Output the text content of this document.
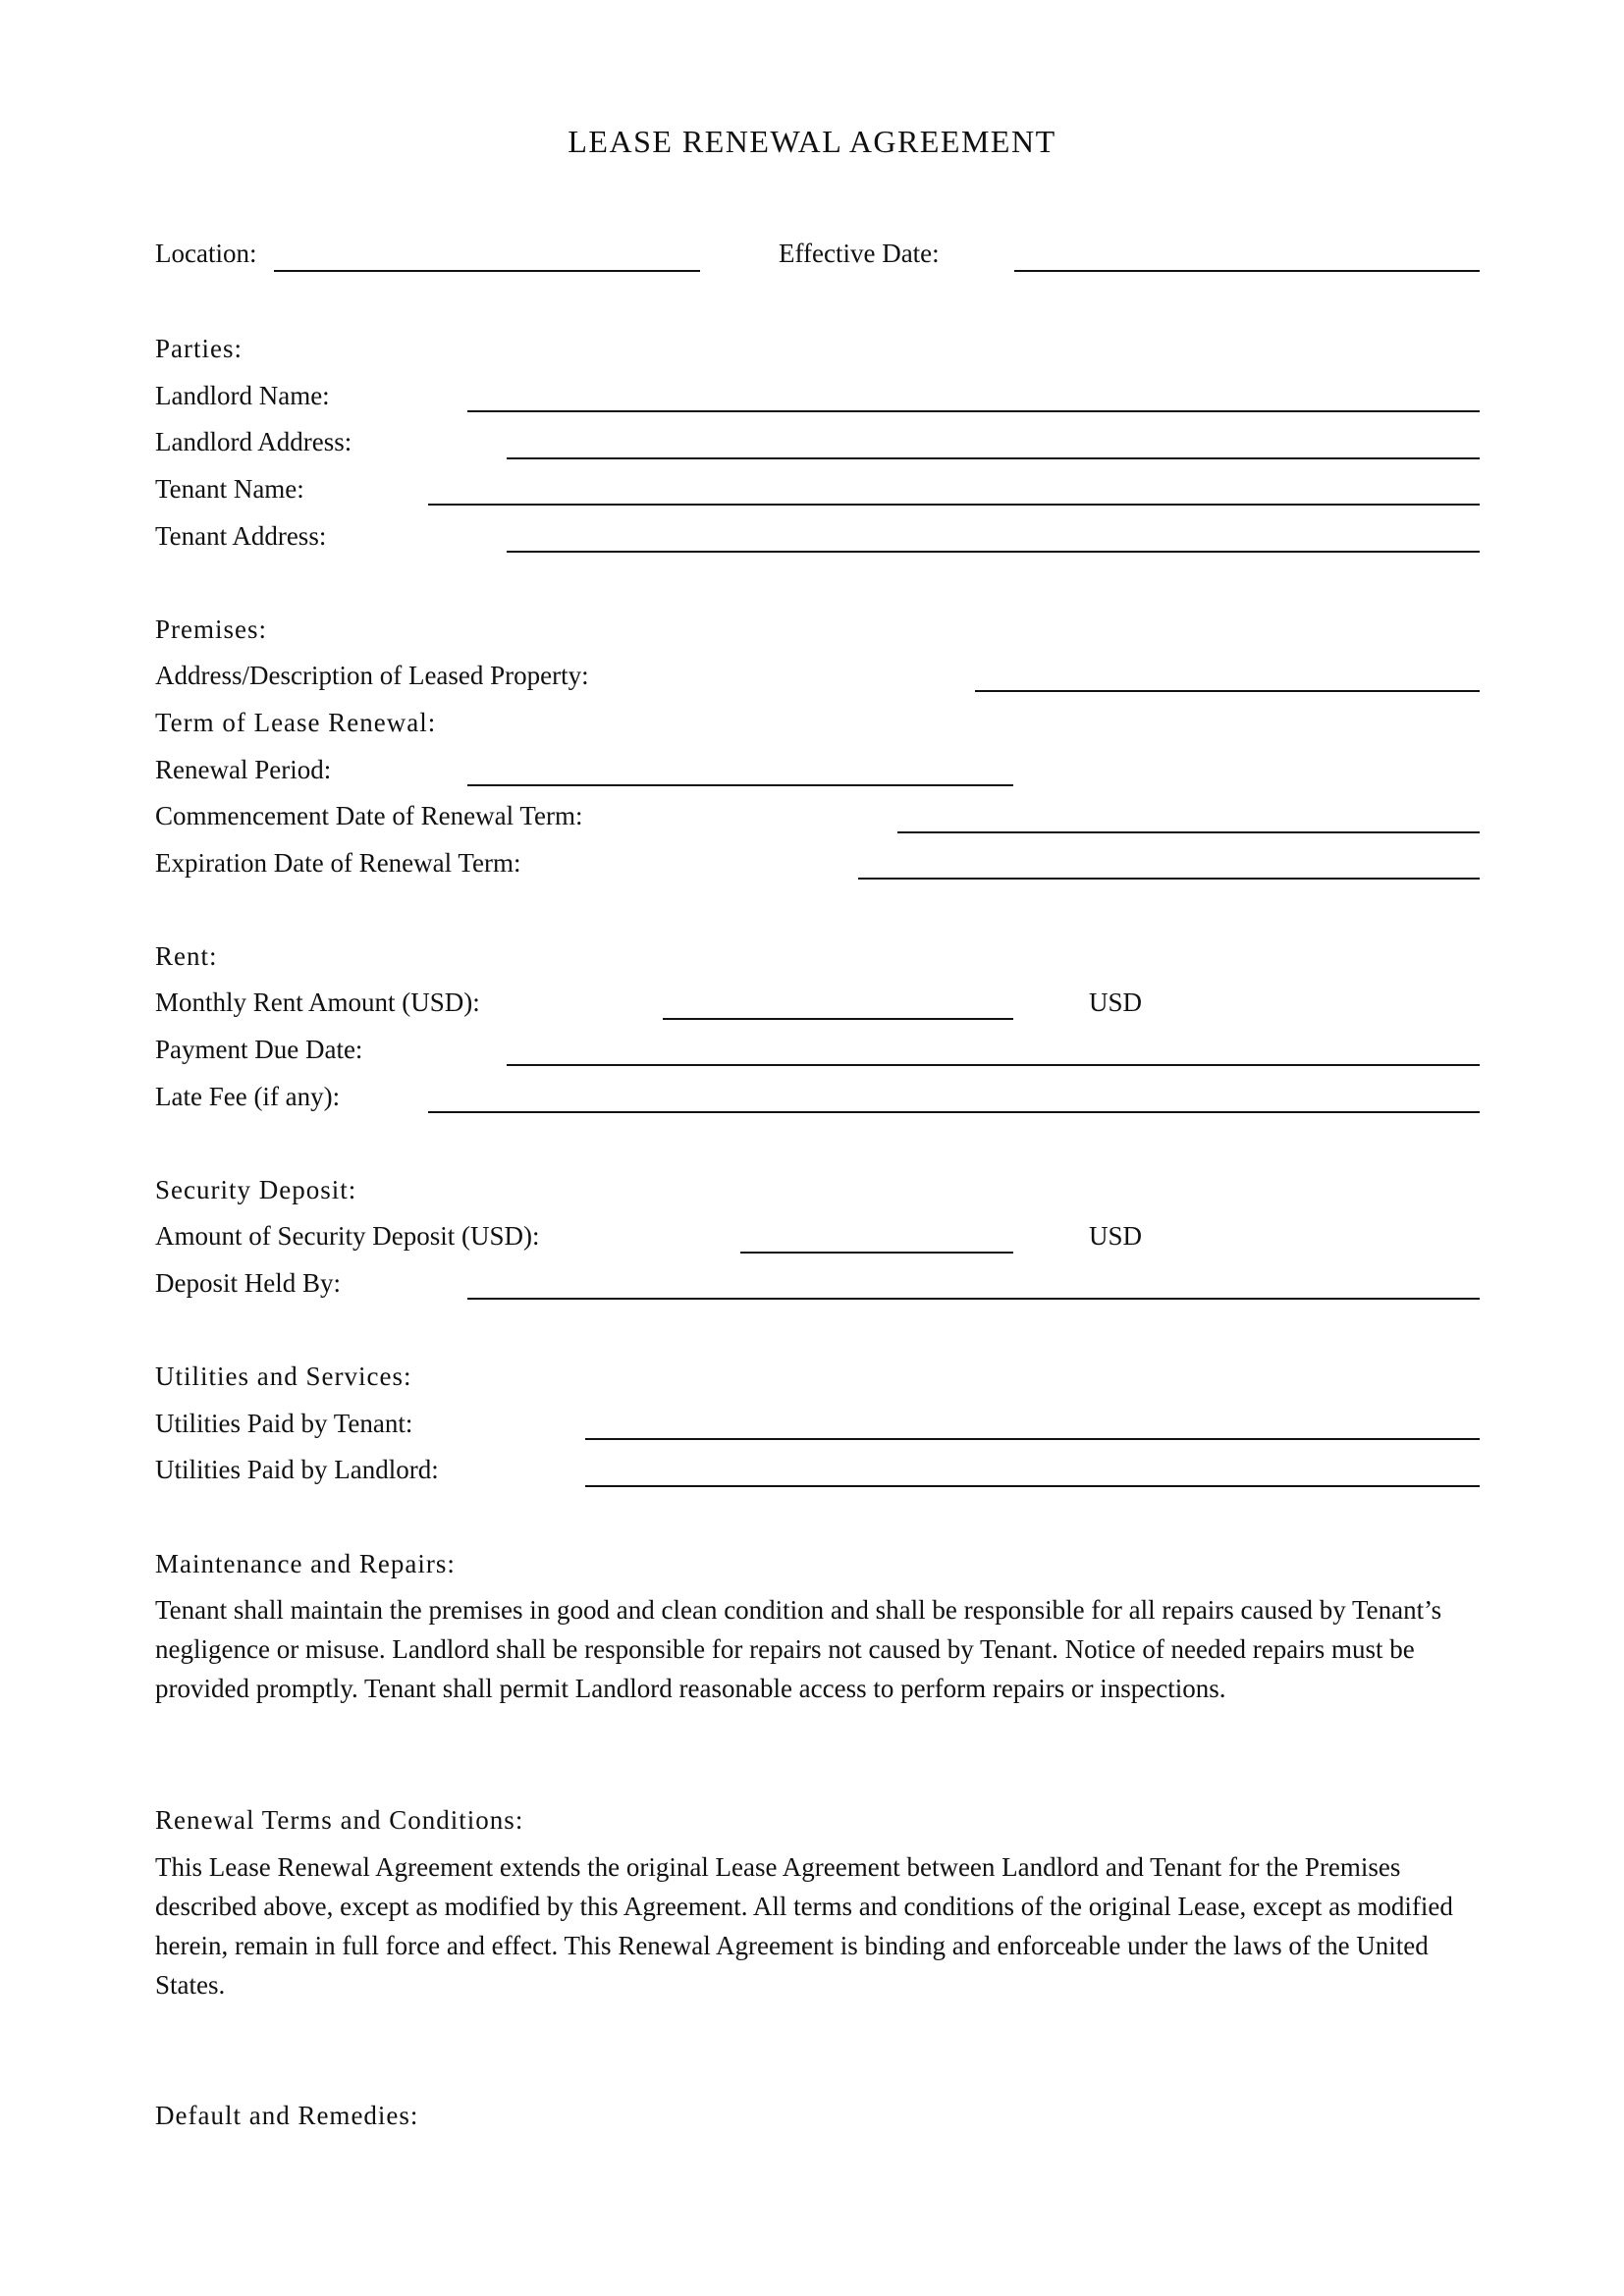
LEASE RENEWAL AGREEMENT
Location:	Effective Date:
Parties:
Landlord Name:
Landlord Address:
Tenant Name:
Tenant Address:
Premises:
Address/Description of Leased Property:
Term of Lease Renewal:
Renewal Period:
Commencement Date of Renewal Term:
Expiration Date of Renewal Term:
Rent:
Monthly Rent Amount (USD):	USD
Payment Due Date:
Late Fee (if any):
Security Deposit:
Amount of Security Deposit (USD):	USD
Deposit Held By:
Utilities and Services:
Utilities Paid by Tenant:
Utilities Paid by Landlord:
Maintenance and Repairs:
Tenant shall maintain the premises in good and clean condition and shall be responsible for all repairs caused by Tenant’s negligence or misuse. Landlord shall be responsible for repairs not caused by Tenant. Notice of needed repairs must be provided promptly. Tenant shall permit Landlord reasonable access to perform repairs or inspections.
Renewal Terms and Conditions:
This Lease Renewal Agreement extends the original Lease Agreement between Landlord and Tenant for the Premises described above, except as modified by this Agreement. All terms and conditions of the original Lease, except as modified herein, remain in full force and effect. This Renewal Agreement is binding and enforceable under the laws of the United States.
Default and Remedies:
